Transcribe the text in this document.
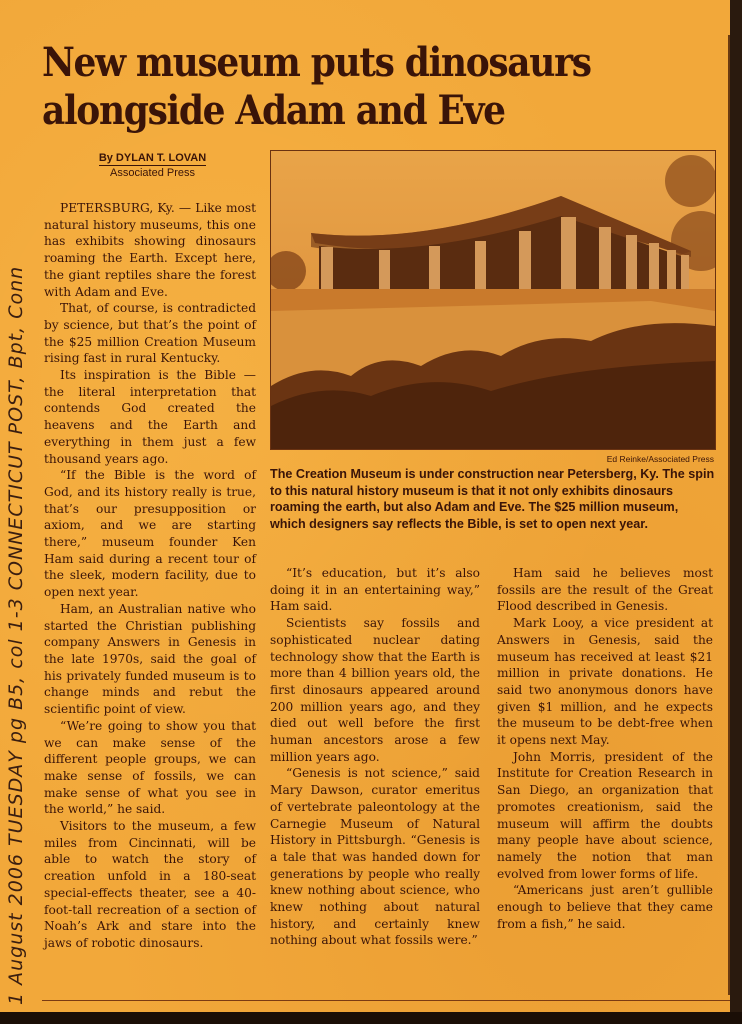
1 August 2006 TUESDAY pg B5, col 1-3 CONNECTICUT POST, Bpt, Conn
New museum puts dinosaurs alongside Adam and Eve
By DYLAN T. LOVAN
Associated Press

PETERSBURG, Ky. — Like most natural history museums, this one has exhibits showing dinosaurs roaming the Earth. Except here, the giant reptiles share the forest with Adam and Eve.

That, of course, is contradicted by science, but that’s the point of the $25 million Creation Museum rising fast in rural Kentucky.

Its inspiration is the Bible — the literal interpretation that contends God created the heavens and the Earth and everything in them just a few thousand years ago.

“If the Bible is the word of God, and its history really is true, that’s our presupposition or axiom, and we are starting there,” museum founder Ken Ham said during a recent tour of the sleek, modern facility, due to open next year.

Ham, an Australian native who started the Christian publishing company Answers in Genesis in the late 1970s, said the goal of his privately funded museum is to change minds and rebut the scientific point of view.

“We’re going to show you that we can make sense of the different people groups, we can make sense of fossils, we can make sense of what you see in the world,” he said.

Visitors to the museum, a few miles from Cincinnati, will be able to watch the story of creation unfold in a 180-seat special-effects theater, see a 40-foot-tall recreation of a section of Noah’s Ark and stare into the jaws of robotic dinosaurs.

Ed Reinke/Associated Press
The Creation Museum is under construction near Petersberg, Ky. The spin to this natural history museum is that it not only exhibits dinosaurs roaming the earth, but also Adam and Eve. The $25 million museum, which designers say reflects the Bible, is set to open next year.

“It’s education, but it’s also doing it in an entertaining way,” Ham said.

Scientists say fossils and sophisticated nuclear dating technology show that the Earth is more than 4 billion years old, the first dinosaurs appeared around 200 million years ago, and they died out well before the first human ancestors arose a few million years ago.

“Genesis is not science,” said Mary Dawson, curator emeritus of vertebrate paleontology at the Carnegie Museum of Natural History in Pittsburgh. “Genesis is a tale that was handed down for generations by people who really knew nothing about science, who knew nothing about natural history, and certainly knew nothing about what fossils were.”

Ham said he believes most fossils are the result of the Great Flood described in Genesis.

Mark Looy, a vice president at Answers in Genesis, said the museum has received at least $21 million in private donations. He said two anonymous donors have given $1 million, and he expects the museum to be debt-free when it opens next May.

John Morris, president of the Institute for Creation Research in San Diego, an organization that promotes creationism, said the museum will affirm the doubts many people have about science, namely the notion that man evolved from lower forms of life.

“Americans just aren’t gullible enough to believe that they came from a fish,” he said.
